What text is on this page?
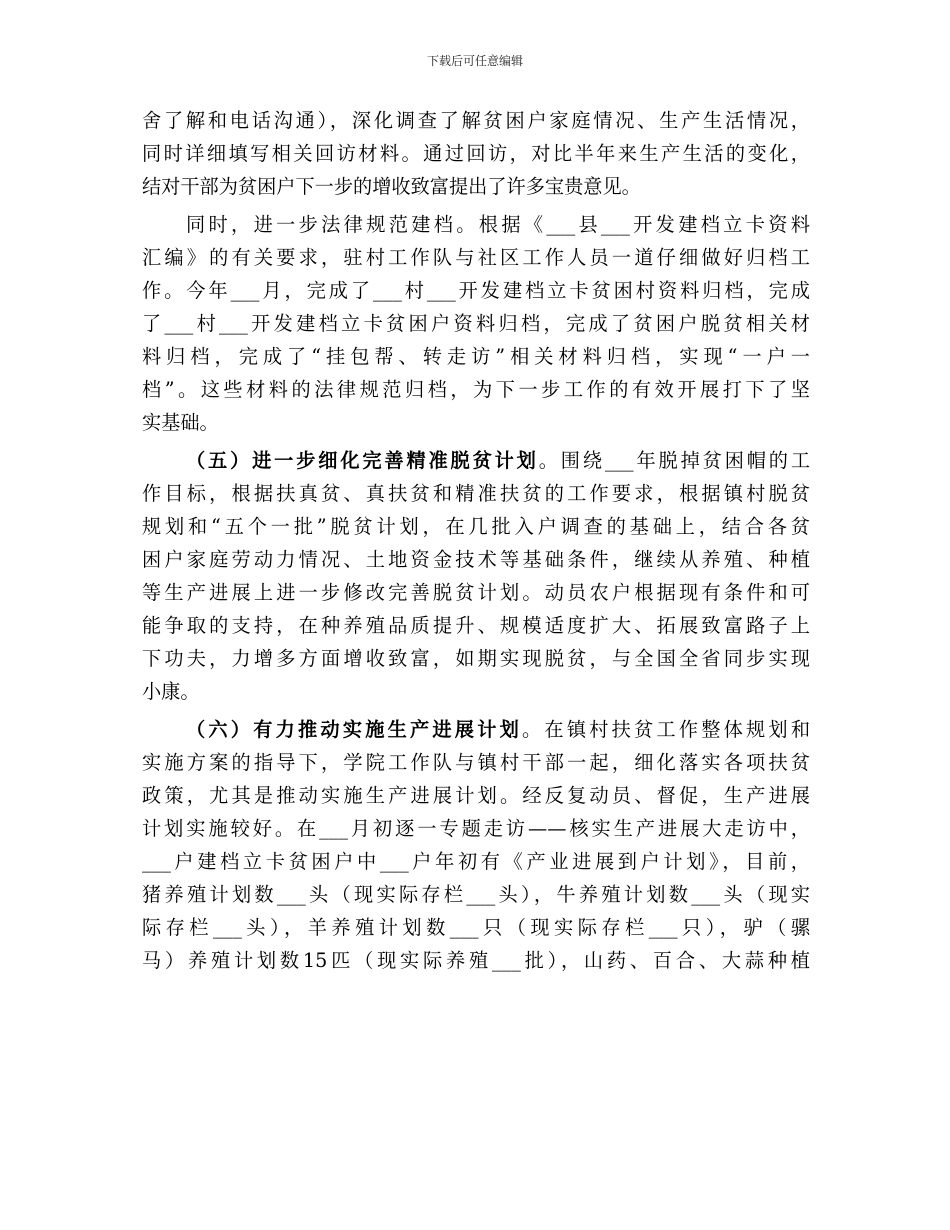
下载后可任意编辑
舍了解和电话沟通），深化调查了解贫困户家庭情况、生产生活情况，
同时详细填写相关回访材料。通过回访，对比半年来生产生活的变化，
结对干部为贫困户下一步的增收致富提出了许多宝贵意见。
同时，进一步法律规范建档。根据《___县___开发建档立卡资料
汇编》的有关要求，驻村工作队与社区工作人员一道仔细做好归档工
作。今年___月，完成了___村___开发建档立卡贫困村资料归档，完成
了___村___开发建档立卡贫困户资料归档，完成了贫困户脱贫相关材
料归档，完成了“挂包帮、转走访”相关材料归档，实现“一户一
档”。这些材料的法律规范归档，为下一步工作的有效开展打下了坚
实基础。
（五）进一步细化完善精准脱贫计划。围绕___年脱掉贫困帽的工
作目标，根据扶真贫、真扶贫和精准扶贫的工作要求，根据镇村脱贫
规划和“五个一批”脱贫计划，在几批入户调查的基础上，结合各贫
困户家庭劳动力情况、土地资金技术等基础条件，继续从养殖、种植
等生产进展上进一步修改完善脱贫计划。动员农户根据现有条件和可
能争取的支持，在种养殖品质提升、规模适度扩大、拓展致富路子上
下功夫，力增多方面增收致富，如期实现脱贫，与全国全省同步实现
小康。
（六）有力推动实施生产进展计划。在镇村扶贫工作整体规划和
实施方案的指导下，学院工作队与镇村干部一起，细化落实各项扶贫
政策，尤其是推动实施生产进展计划。经反复动员、督促，生产进展
计划实施较好。在___月初逐一专题走访——核实生产进展大走访中，
___户建档立卡贫困户中___户年初有《产业进展到户计划》，目前，
猪养殖计划数___头（现实际存栏___头），牛养殖计划数___头（现实
际存栏___头），羊养殖计划数___只（现实际存栏___只），驴（骡
马）养殖计划数15匹（现实际养殖___批），山药、百合、大蒜种植
